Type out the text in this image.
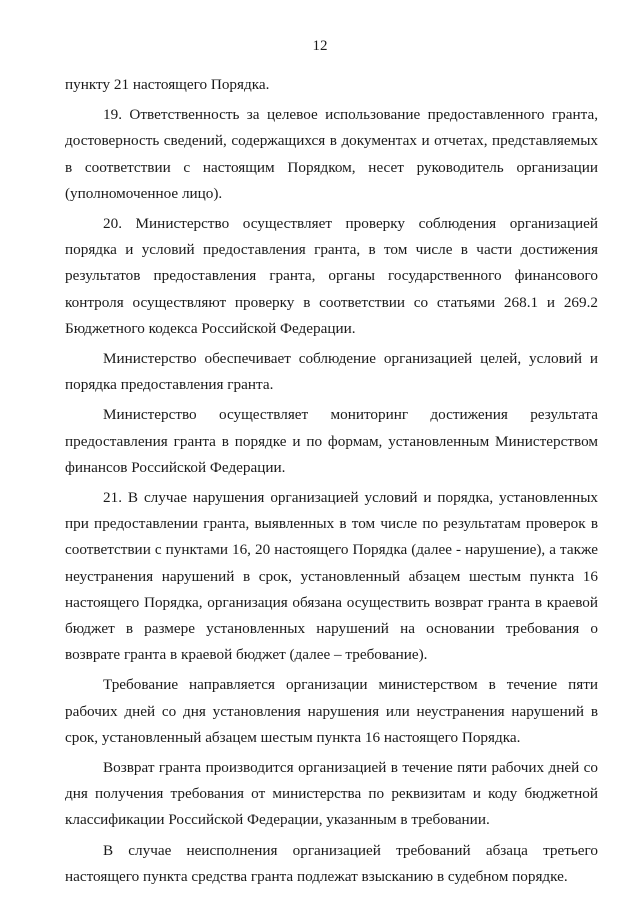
12

пункту 21 настоящего Порядка.

19. Ответственность за целевое использование предоставленного гранта, достоверность сведений, содержащихся в документах и отчетах, представляемых в соответствии с настоящим Порядком, несет руководитель организации (уполномоченное лицо).

20. Министерство осуществляет проверку соблюдения организацией порядка и условий предоставления гранта, в том числе в части достижения результатов предоставления гранта, органы государственного финансового контроля осуществляют проверку в соответствии со статьями 268.1 и 269.2 Бюджетного кодекса Российской Федерации.

Министерство обеспечивает соблюдение организацией целей, условий и порядка предоставления гранта.

Министерство осуществляет мониторинг достижения результата предоставления гранта в порядке и по формам, установленным Министерством финансов Российской Федерации.

21. В случае нарушения организацией условий и порядка, установленных при предоставлении гранта, выявленных в том числе по результатам проверок в соответствии с пунктами 16, 20 настоящего Порядка (далее - нарушение), а также неустранения нарушений в срок, установленный абзацем шестым пункта 16 настоящего Порядка, организация обязана осуществить возврат гранта в краевой бюджет в размере установленных нарушений на основании требования о возврате гранта в краевой бюджет (далее – требование).

Требование направляется организации министерством в течение пяти рабочих дней со дня установления нарушения или неустранения нарушений в срок, установленный абзацем шестым пункта 16 настоящего Порядка.

Возврат гранта производится организацией в течение пяти рабочих дней со дня получения требования от министерства по реквизитам и коду бюджетной классификации Российской Федерации, указанным в требовании.

В случае неисполнения организацией требований абзаца третьего настоящего пункта средства гранта подлежат взысканию в судебном порядке.
